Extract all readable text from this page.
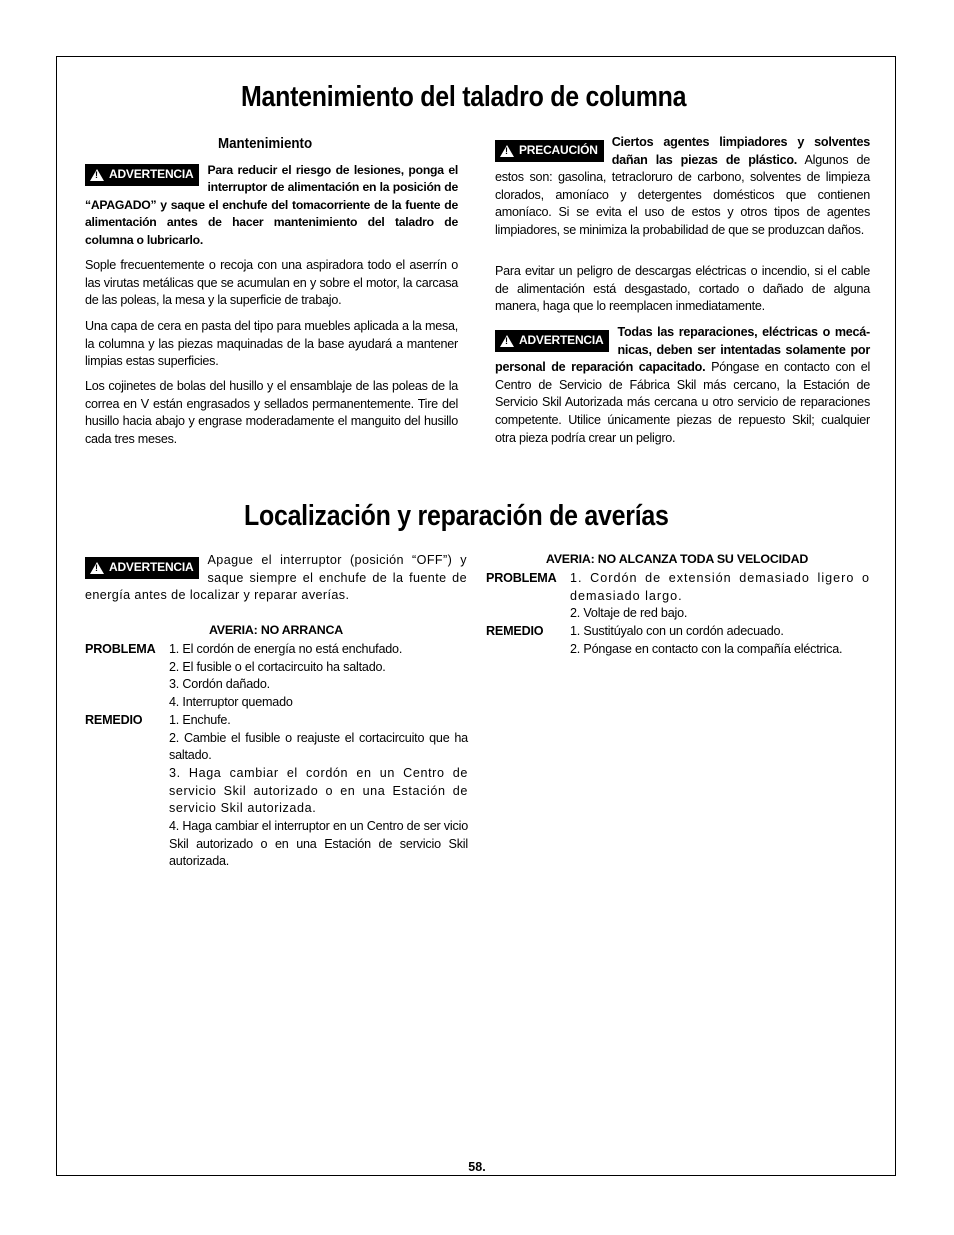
Mantenimiento del taladro de columna
Mantenimiento
!
ADVERTENCIA Para reducir el riesgo de lesiones, ponga el interruptor de alimentación en la posición de “APAGADO” y saque el enchufe del tomacorriente de la fuente de alimentación antes de hacer mantenimiento del taladro de columna o lubricarlo.
Sople frecuentemente o recoja con una aspiradora todo el aserrín o las virutas metálicas que se acumulan en y sobre el motor, la carcasa de las poleas, la mesa y la superficie de trabajo.
Una capa de cera en pasta del tipo para muebles aplicada a la mesa, la columna y las piezas maquinadas de la base ayudará a mantener limpias estas superficies.
Los cojinetes de bolas del husillo y el ensamblaje de las poleas de la correa en V están engrasados y sellados permanentemente. Tire del husillo hacia abajo y engrase moderadamente el manguito del husillo cada tres meses.
!
PRECAUCIÓN
Ciertos agentes limpiadores y solventes dañan las piezas de plástico. Algunos de estos son: gasolina, tetracloruro de carbono, solventes de limpieza clorados, amoníaco y detergentes domésticos que contienen amoníaco. Si se evita el uso de estos y otros tipos de agentes limpiadores, se minimiza la probabilidad de que se produzcan daños.
Para evitar un peligro de descargas eléctricas o incendio, si el cable de alimentación está desgastado, cortado o dañado de alguna manera, haga que lo reemplacen inmediatamente.
!
ADVERTENCIA
Todas las reparaciones, eléctricas o mecá- nicas, deben ser intentadas solamente por personal de reparación capacitado. Póngase en contacto con el Centro de Servicio de Fábrica Skil más cercano, la Estación de Servicio Skil Autorizada más cercana u otro servicio de reparaciones competente. Utilice únicamente piezas de repuesto Skil; cualquier otra pieza podría crear un peligro.
Localización y reparación de averías
!
ADVERTENCIA
Apague el interruptor (posición “OFF”) y saque siempre el enchufe de la fuente de energía antes de localizar y reparar averías.
AVERIA: NO ARRANCA
PROBLEMA	1. El cordón de energía no está enchufado.
2. El fusible o el cortacircuito ha saltado.
3. Cordón dañado.
4. Interruptor quemado
REMEDIO	1. Enchufe.
2. Cambie el fusible o reajuste el cortacircuito que ha saltado.
3. Haga cambiar el cordón en un Centro de servicio Skil autorizado o en una Estación de servicio Skil autorizada.
4. Haga cambiar el interruptor en un Centro de ser vicio Skil autorizado o en una Estación de servicio Skil autorizada.
AVERIA: NO ALCANZA TODA SU VELOCIDAD
PROBLEMA	1. Cordón de extensión demasiado ligero o demasiado largo.
2. Voltaje de red bajo.
REMEDIO	1. Sustitúyalo con un cordón adecuado.
2. Póngase en contacto con la compañía eléctrica.
58.
